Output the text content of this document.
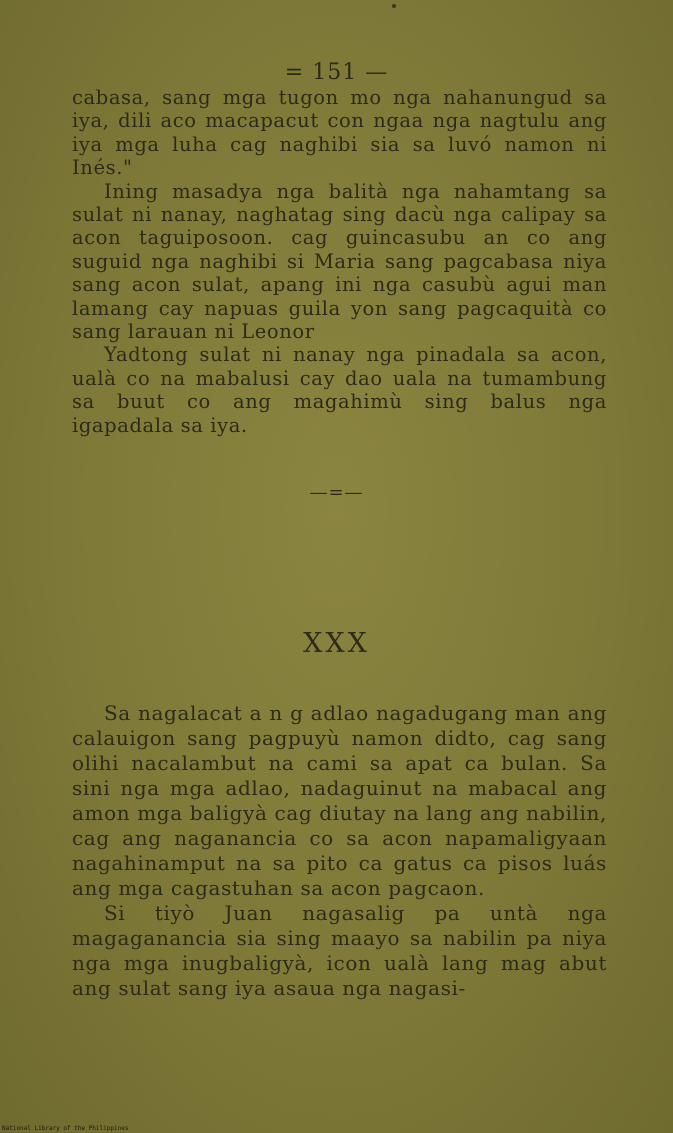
= 151 —

cabasa, sang mga tugon mo nga nahanungud sa iya, dili aco macapacut con ngaa nga nagtulu ang iya mga luha cag naghibi sia sa luvó namon ni Inés."

Ining masadya nga balità nga nahamtang sa sulat ni nanay, naghatag sing dacù nga calipay sa acon taguiposoon. cag guincasubu an co ang suguid nga naghibi si Maria sang pagcabasa niya sang acon sulat, apang ini nga casubù agui man lamang cay napuas guila yon sang pagcaquità co sang larauan ni Leonor

Yadtong sulat ni nanay nga pinadala sa acon, ualà co na mabalusi cay dao uala na tumambung sa buut co ang magahimù sing balus nga igapadala sa iya.

—=—
XXX

Sa nagalacat a n g adlao nagadugang man ang calauigon sang pagpuyù namon didto, cag sang olihi nacalambut na cami sa apat ca bulan. Sa sini nga mga adlao, nadaguinut na mabacal ang amon mga baligyà cag diutay na lang ang nabilin, cag ang naganancia co sa acon napamaligyaan nagahinamput na sa pito ca gatus ca pisos luás ang mga cagastuhan sa acon pagcaon.

Si tiyò Juan nagasalig pa untà nga magaganancia sia sing maayo sa nabilin pa niya nga mga inugbaligyà, icon ualà lang mag abut ang sulat sang iya asaua nga nagasi-

National Library of the Philippines
